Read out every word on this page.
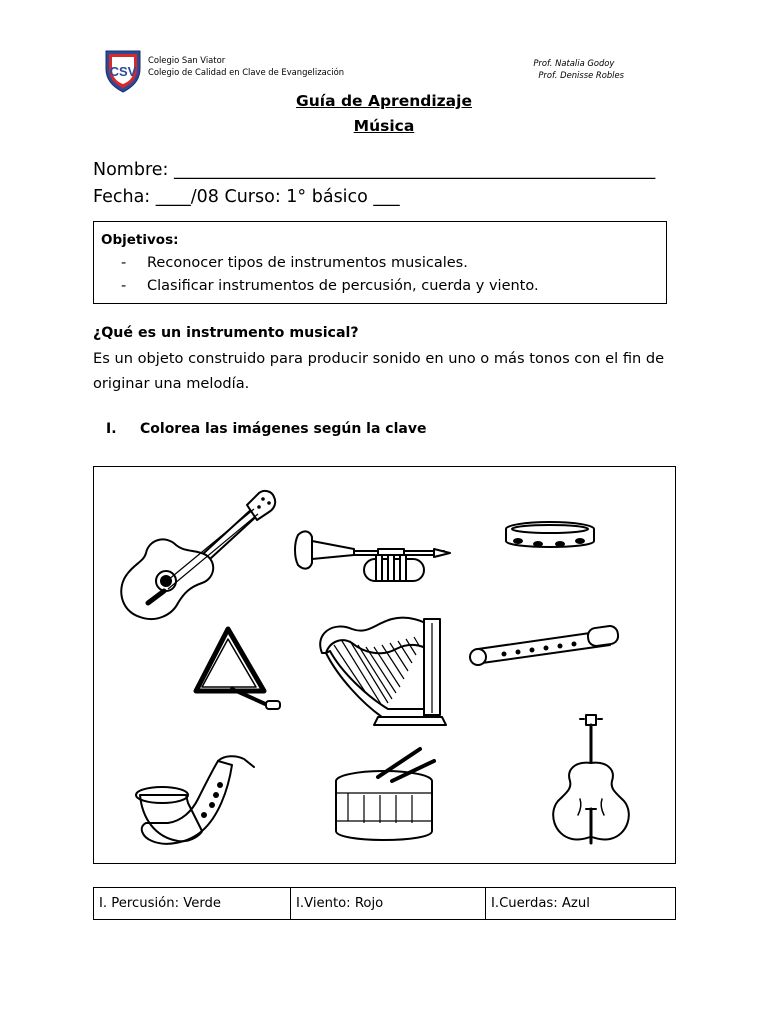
CSV
Colegio San Viator
Colegio de Calidad en Clave de Evangelización
Prof. Natalia Godoy
Prof. Denisse Robles
Guía de Aprendizaje
Música
Nombre: _______________________________________________________
Fecha: ____/08 Curso: 1° básico ___
Objetivos:
- Reconocer tipos de instrumentos musicales.
- Clasificar instrumentos de percusión, cuerda y viento.
¿Qué es un instrumento musical?
Es un objeto construido para producir sonido en uno o más tonos con el fin de originar una melodía.
I. Colorea las imágenes según la clave
I. Percusión: Verde	I.Viento: Rojo	I.Cuerdas: Azul
